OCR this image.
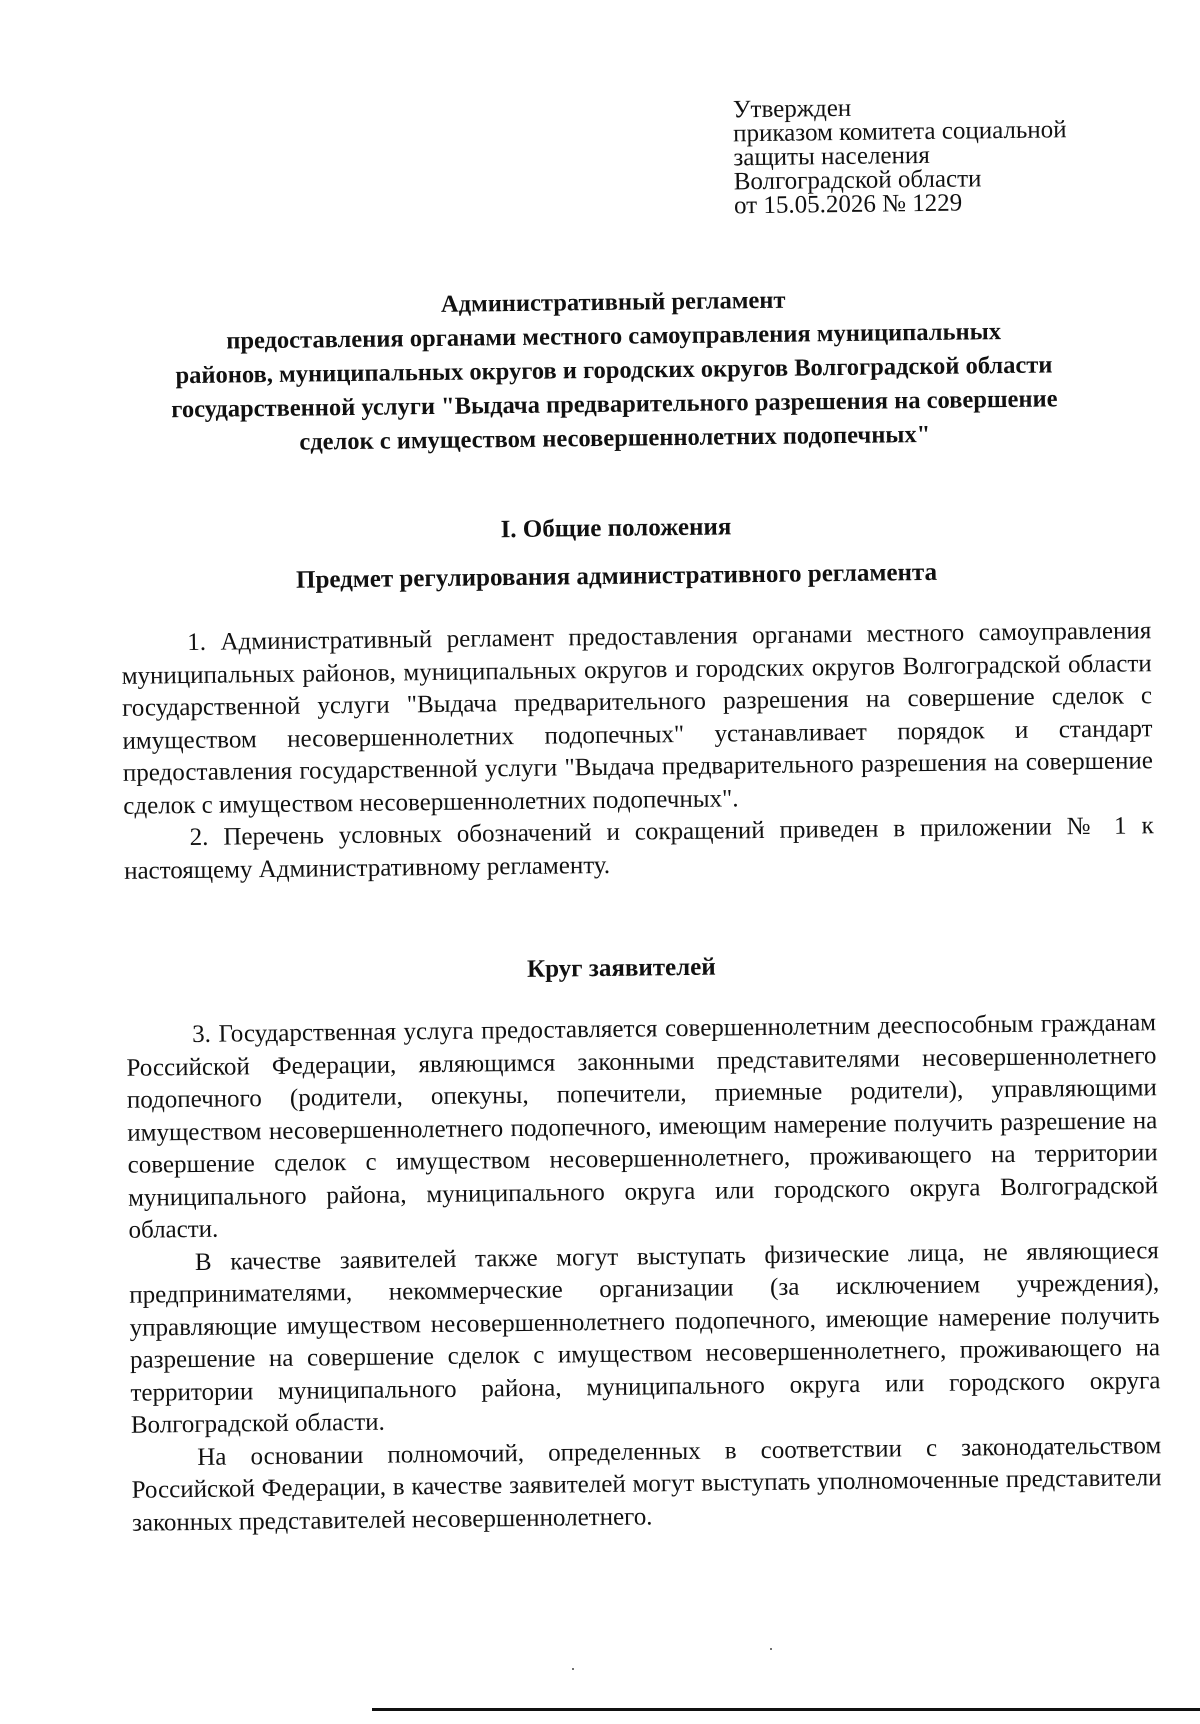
Утвержден
приказом комитета социальной
защиты населения
Волгоградской области
от 15.05.2026 № 1229
Административный регламент
предоставления органами местного самоуправления муниципальных
районов, муниципальных округов и городских округов Волгоградской области
государственной услуги "Выдача предварительного разрешения на совершение
сделок с имуществом несовершеннолетних подопечных"
I. Общие положения
Предмет регулирования административного регламента

1. Административный регламент предоставления органами местного самоуправления муниципальных районов, муниципальных округов и городских округов Волгоградской области государственной услуги "Выдача предварительного разрешения на совершение сделок с имуществом несовершеннолетних подопечных" устанавливает порядок и стандарт предоставления государственной услуги "Выдача предварительного разрешения на совершение сделок с имуществом несовершеннолетних подопечных".

2. Перечень условных обозначений и сокращений приведен в приложении № 1 к настоящему Административному регламенту.

Круг заявителей

3. Государственная услуга предоставляется совершеннолетним дееспособным гражданам Российской Федерации, являющимся законными представителями несовершеннолетнего подопечного (родители, опекуны, попечители, приемные родители), управляющими имуществом несовершеннолетнего подопечного, имеющим намерение получить разрешение на совершение сделок с имуществом несовершеннолетнего, проживающего на территории муниципального района, муниципального округа или городского округа Волгоградской области.

В качестве заявителей также могут выступать физические лица, не являющиеся предпринимателями, некоммерческие организации (за исключением учреждения), управляющие имуществом несовершеннолетнего подопечного, имеющие намерение получить разрешение на совершение сделок с имуществом несовершеннолетнего, проживающего на территории муниципального района, муниципального округа или городского округа Волгоградской области.

На основании полномочий, определенных в соответствии с законодательством Российской Федерации, в качестве заявителей могут выступать уполномоченные представители законных представителей несовершеннолетнего.
